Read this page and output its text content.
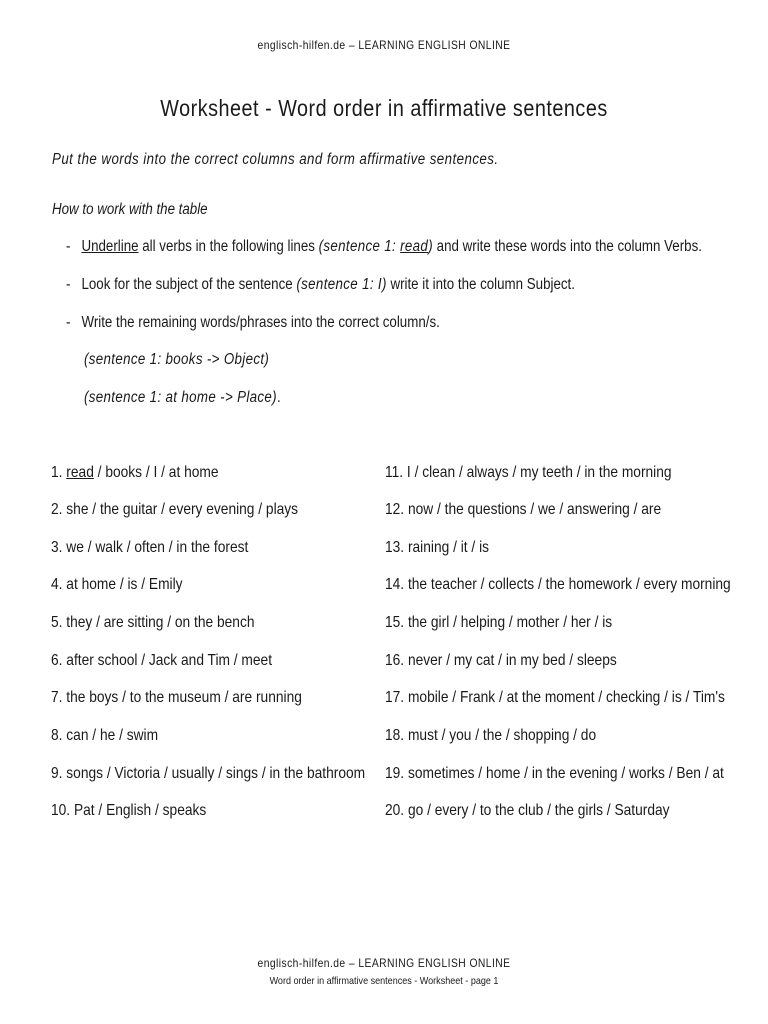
englisch-hilfen.de – LEARNING ENGLISH ONLINE
Worksheet - Word order in affirmative sentences
Put the words into the correct columns and form affirmative sentences.
How to work with the table
- Underline all verbs in the following lines (sentence 1: read) and write these words into the column Verbs.
- Look for the subject of the sentence (sentence 1: I) write it into the column Subject.
- Write the remaining words/phrases into the correct column/s.
(sentence 1: books -> Object)
(sentence 1: at home -> Place).
1. read / books / I / at home
2. she / the guitar / every evening / plays
3. we / walk / often / in the forest
4. at home / is / Emily
5. they / are sitting / on the bench
6. after school / Jack and Tim / meet
7. the boys / to the museum / are running
8. can / he / swim
9. songs / Victoria / usually / sings / in the bathroom
10. Pat / English / speaks
11. I / clean / always / my teeth / in the morning
12. now / the questions / we / answering / are
13. raining / it / is
14. the teacher / collects / the homework / every morning
15. the girl / helping / mother / her / is
16. never / my cat / in my bed / sleeps
17. mobile / Frank / at the moment / checking / is / Tim's
18. must / you / the / shopping / do
19. sometimes / home / in the evening / works / Ben / at
20. go / every / to the club / the girls / Saturday
englisch-hilfen.de – LEARNING ENGLISH ONLINE
Word order in affirmative sentences - Worksheet - page 1
